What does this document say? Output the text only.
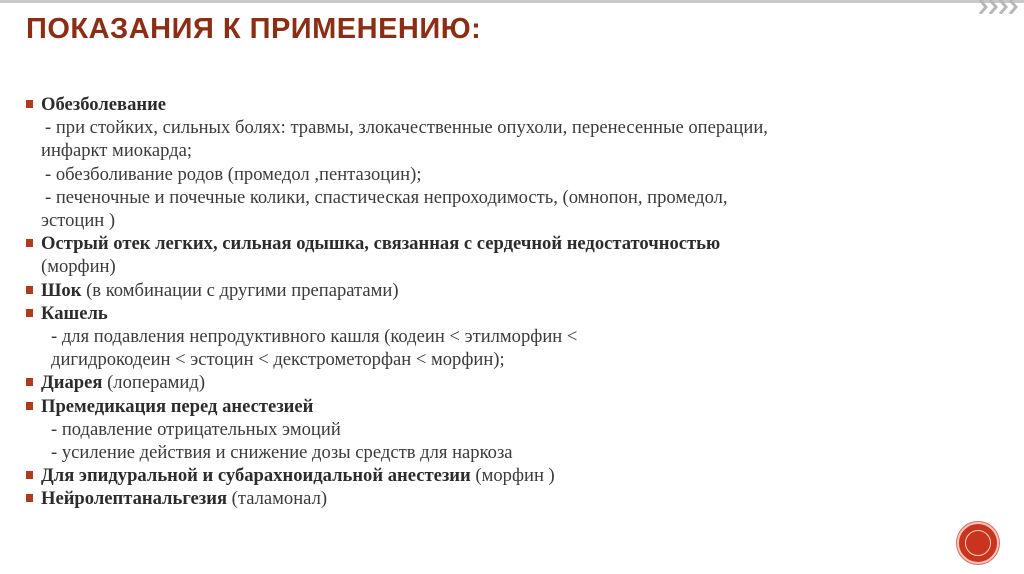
ПОКАЗАНИЯ К ПРИМЕНЕНИЮ:
Обезболевание
- при стойких, сильных болях: травмы, злокачественные опухоли, перенесенные операции,
инфаркт миокарда;
- обезболивание родов (промедол ,пентазоцин);
- печеночные и почечные колики, спастическая непроходимость, (омнопон, промедол,
эстоцин )
Острый отек легких, сильная одышка, связанная с сердечной недостаточностью
(морфин)
Шок (в комбинации с другими препаратами)
Кашель
- для подавления непродуктивного кашля (кодеин < этилморфин <
дигидрокодеин < эстоцин < декстрометорфан < морфин);
Диарея (лоперамид)
Премедикация перед анестезией
- подавление отрицательных эмоций
- усиление действия и снижение дозы средств для наркоза
Для эпидуральной и субарахноидальной анестезии (морфин )
Нейролептанальгезия (таламонал)
